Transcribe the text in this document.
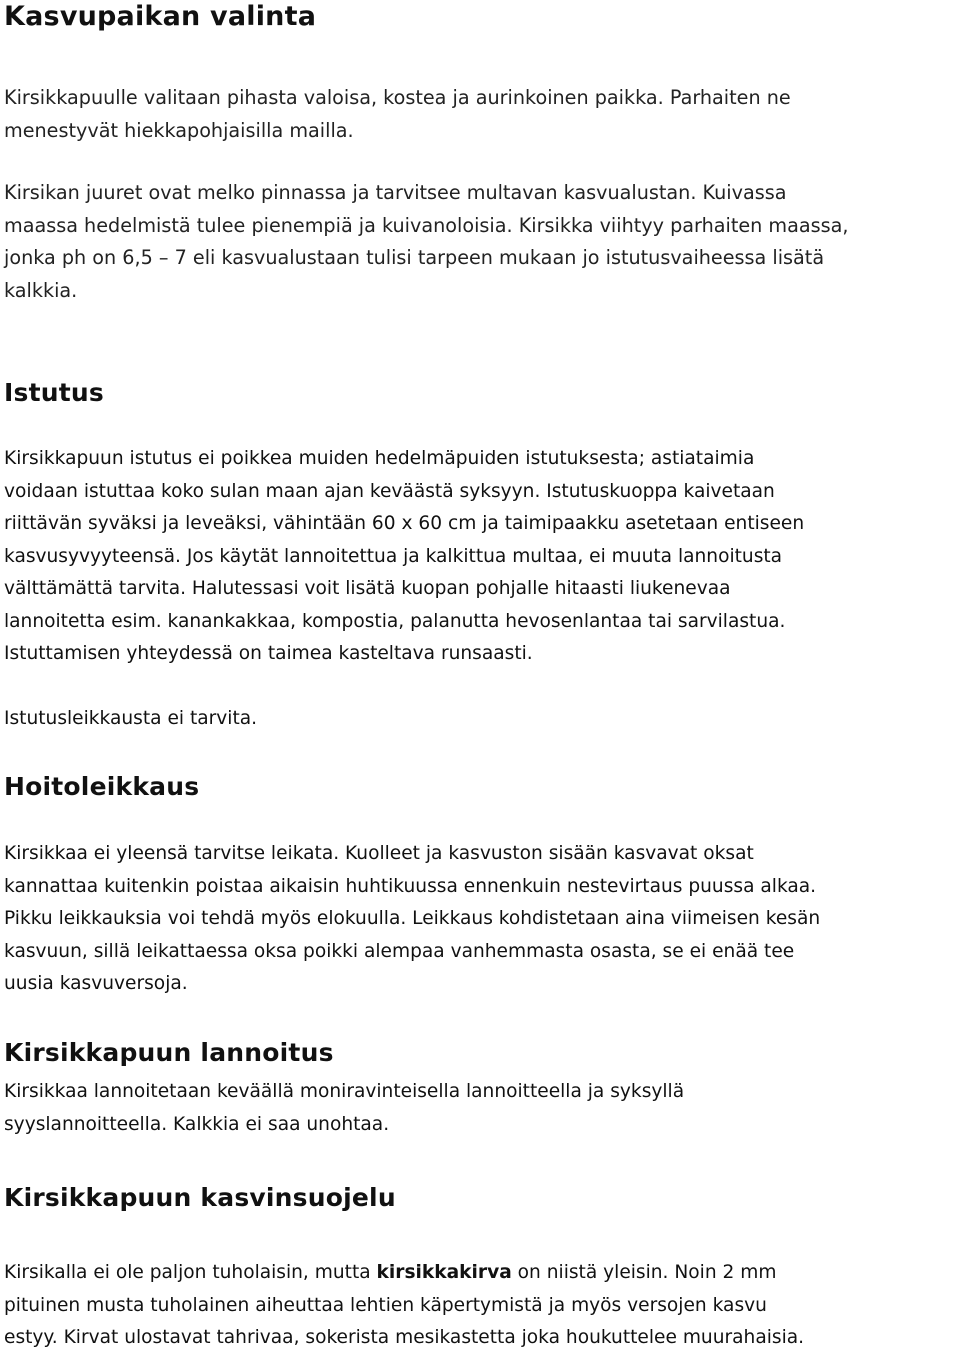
Kasvupaikan valinta

Kirsikkapuulle valitaan pihasta valoisa, kostea ja aurinkoinen paikka. Parhaiten ne
menestyvät hiekkapohjaisilla mailla.

Kirsikan juuret ovat melko pinnassa ja tarvitsee multavan kasvualustan. Kuivassa
maassa hedelmistä tulee pienempiä ja kuivanoloisia. Kirsikka viihtyy parhaiten maassa,
jonka ph on 6,5 – 7 eli kasvualustaan tulisi tarpeen mukaan jo istutusvaiheessa lisätä
kalkkia.

Istutus

Kirsikkapuun istutus ei poikkea muiden hedelmäpuiden istutuksesta; astiataimia
voidaan istuttaa koko sulan maan ajan keväästä syksyyn. Istutuskuoppa kaivetaan
riittävän syväksi ja leveäksi, vähintään 60 x 60 cm ja taimipaakku asetetaan entiseen
kasvusyvyyteensä. Jos käytät lannoitettua ja kalkittua multaa, ei muuta lannoitusta
välttämättä tarvita. Halutessasi voit lisätä kuopan pohjalle hitaasti liukenevaa
lannoitetta esim. kanankakkaa, kompostia, palanutta hevosenlantaa tai sarvilastua.
Istuttamisen yhteydessä on taimea kasteltava runsaasti.

Istutusleikkausta ei tarvita.

Hoitoleikkaus

Kirsikkaa ei yleensä tarvitse leikata. Kuolleet ja kasvuston sisään kasvavat oksat
kannattaa kuitenkin poistaa aikaisin huhtikuussa ennenkuin nestevirtaus puussa alkaa.
Pikku leikkauksia voi tehdä myös elokuulla. Leikkaus kohdistetaan aina viimeisen kesän
kasvuun, sillä leikattaessa oksa poikki alempaa vanhemmasta osasta, se ei enää tee
uusia kasvuversoja.

Kirsikkapuun lannoitus

Kirsikkaa lannoitetaan keväällä moniravinteisella lannoitteella ja syksyllä
syyslannoitteella. Kalkkia ei saa unohtaa.

Kirsikkapuun kasvinsuojelu

Kirsikalla ei ole paljon tuholaisin, mutta kirsikkakirva on niistä yleisin. Noin 2 mm
pituinen musta tuholainen aiheuttaa lehtien käpertymistä ja myös versojen kasvu
estyy. Kirvat ulostavat tahrivaa, sokerista mesikastetta joka houkuttelee muurahaisia.
